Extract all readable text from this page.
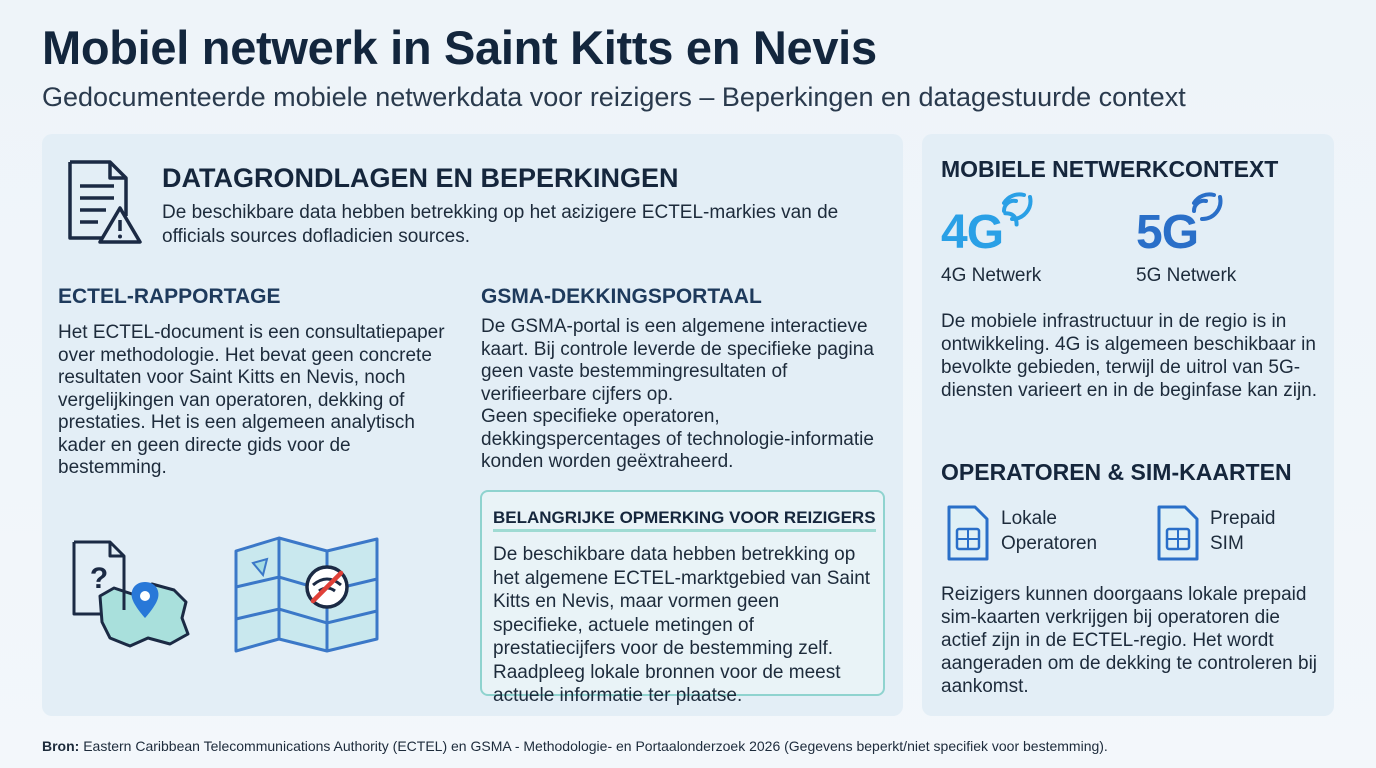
Mobiel netwerk in Saint Kitts en Nevis
Gedocumenteerde mobiele netwerkdata voor reizigers – Beperkingen en datagestuurde context
DATAGRONDLAGEN EN BEPERKINGEN
De beschikbare data hebben betrekking op het aɛizigere ECTEL-markies van de officials sources dofladicien sources.
ECTEL-RAPPORTAGE
Het ECTEL-document is een consultatiepaper over methodologie. Het bevat geen concrete resultaten voor Saint Kitts en Nevis, noch vergelijkingen van operatoren, dekking of prestaties. Het is een algemeen analytisch kader en geen directe gids voor de bestemming.
GSMA-DEKKINGSPORTAAL
De GSMA-portal is een algemene interactieve kaart. Bij controle leverde de specifieke pagina geen vaste bestemmingresultaten of verifieerbare cijfers op.
Geen specifieke operatoren, dekkingspercentages of technologie-informatie konden worden geëxtraheerd.
?
BELANGRIJKE OPMERKING VOOR REIZIGERS
De beschikbare data hebben betrekking op het algemene ECTEL-marktgebied van Saint Kitts en Nevis, maar vormen geen specifieke, actuele metingen of prestatiecijfers voor de bestemming zelf. Raadpleeg lokale bronnen voor de meest actuele informatie ter plaatse.
MOBIELE NETWERKCONTEXT
4G
4G Netwerk
5G
5G Netwerk
De mobiele infrastructuur in de regio is in ontwikkeling. 4G is algemeen beschikbaar in bevolkte gebieden, terwijl de uitrol van 5G-diensten varieert en in de beginfase kan zijn.
OPERATOREN & SIM-KAARTEN
Lokale
Operatoren
Prepaid
SIM
Reizigers kunnen doorgaans lokale prepaid sim-kaarten verkrijgen bij operatoren die actief zijn in de ECTEL-regio. Het wordt aangeraden om de dekking te controleren bij aankomst.
Bron: Eastern Caribbean Telecommunications Authority (ECTEL) en GSMA - Methodologie- en Portaalonderzoek 2026 (Gegevens beperkt/niet specifiek voor bestemming).
